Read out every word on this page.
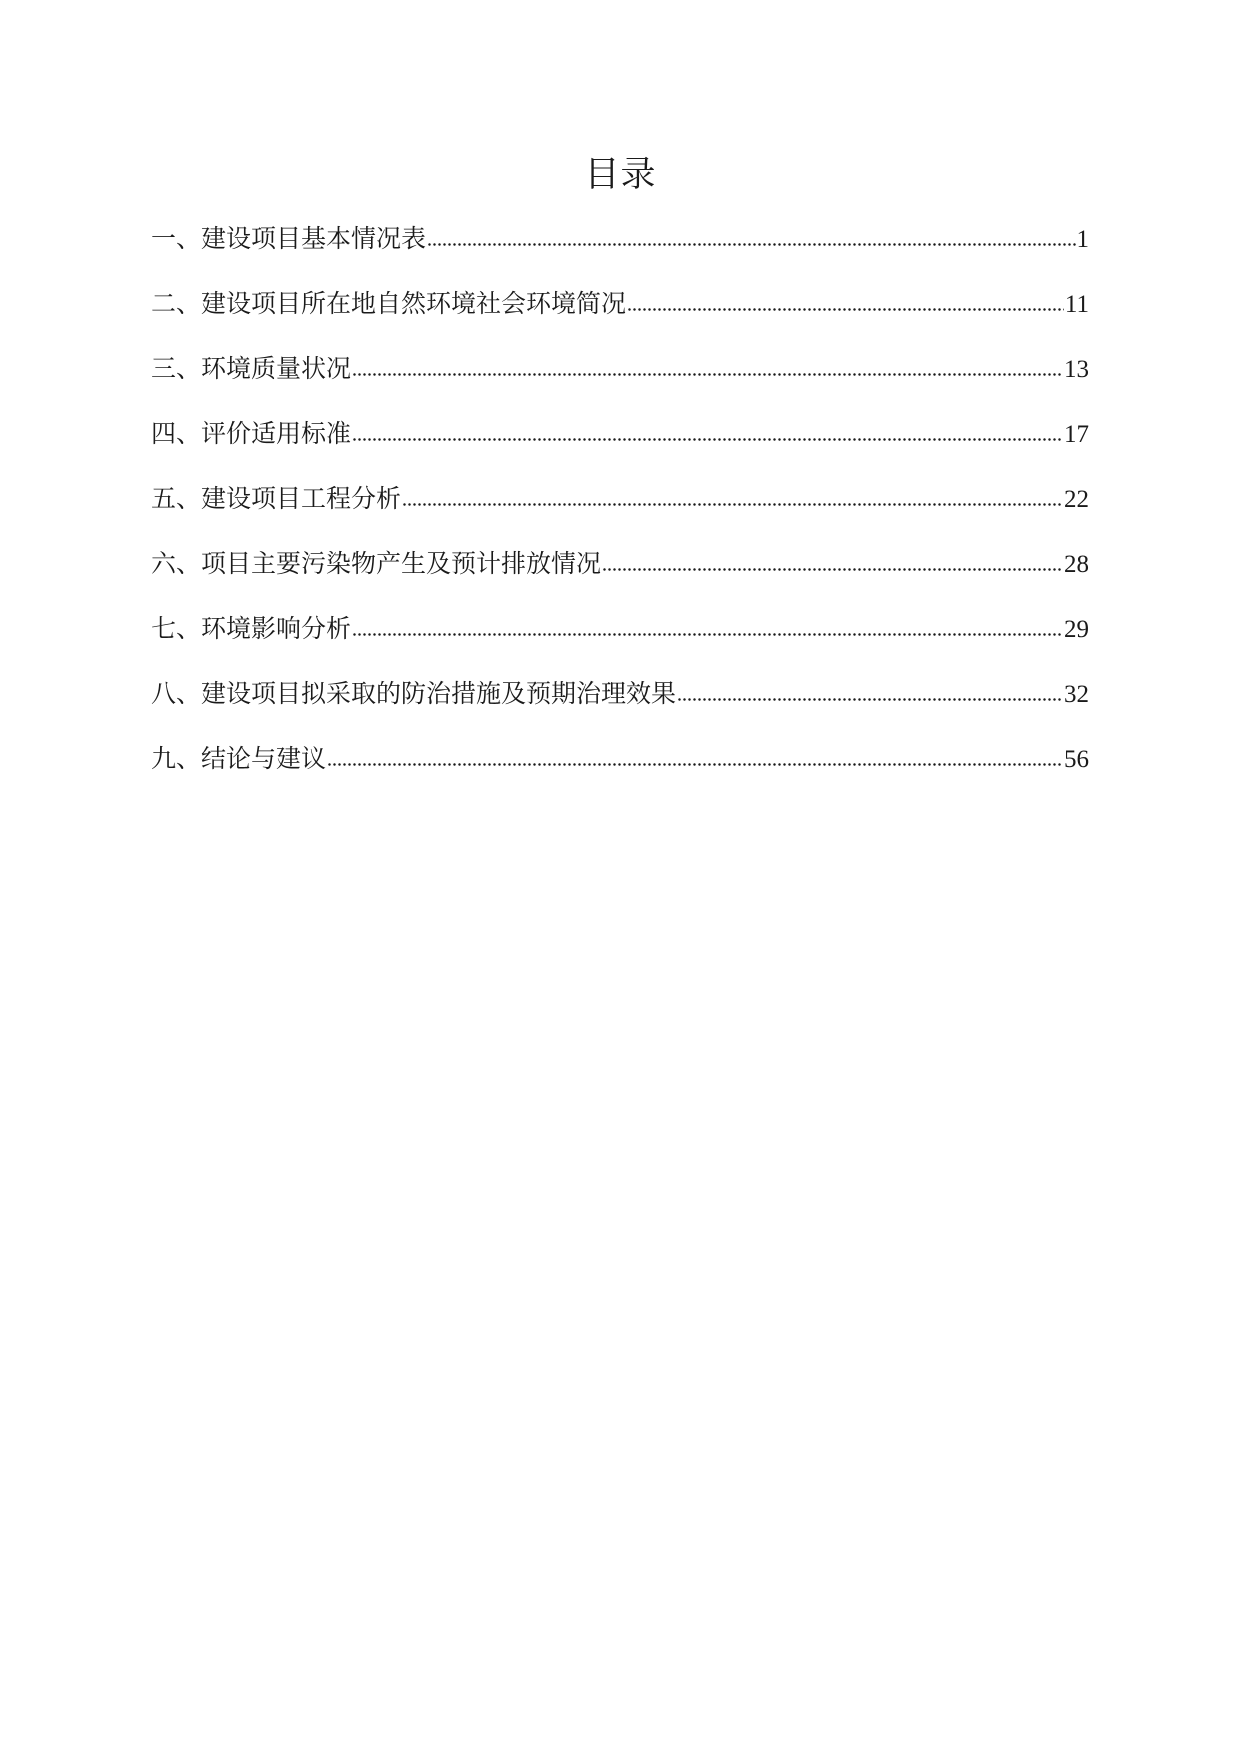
目录
一、建设项目基本情况表	1
二、建设项目所在地自然环境社会环境简况	11
三、环境质量状况	13
四、评价适用标准	17
五、建设项目工程分析	22
六、项目主要污染物产生及预计排放情况	28
七、环境影响分析	29
八、建设项目拟采取的防治措施及预期治理效果	32
九、结论与建议	56
